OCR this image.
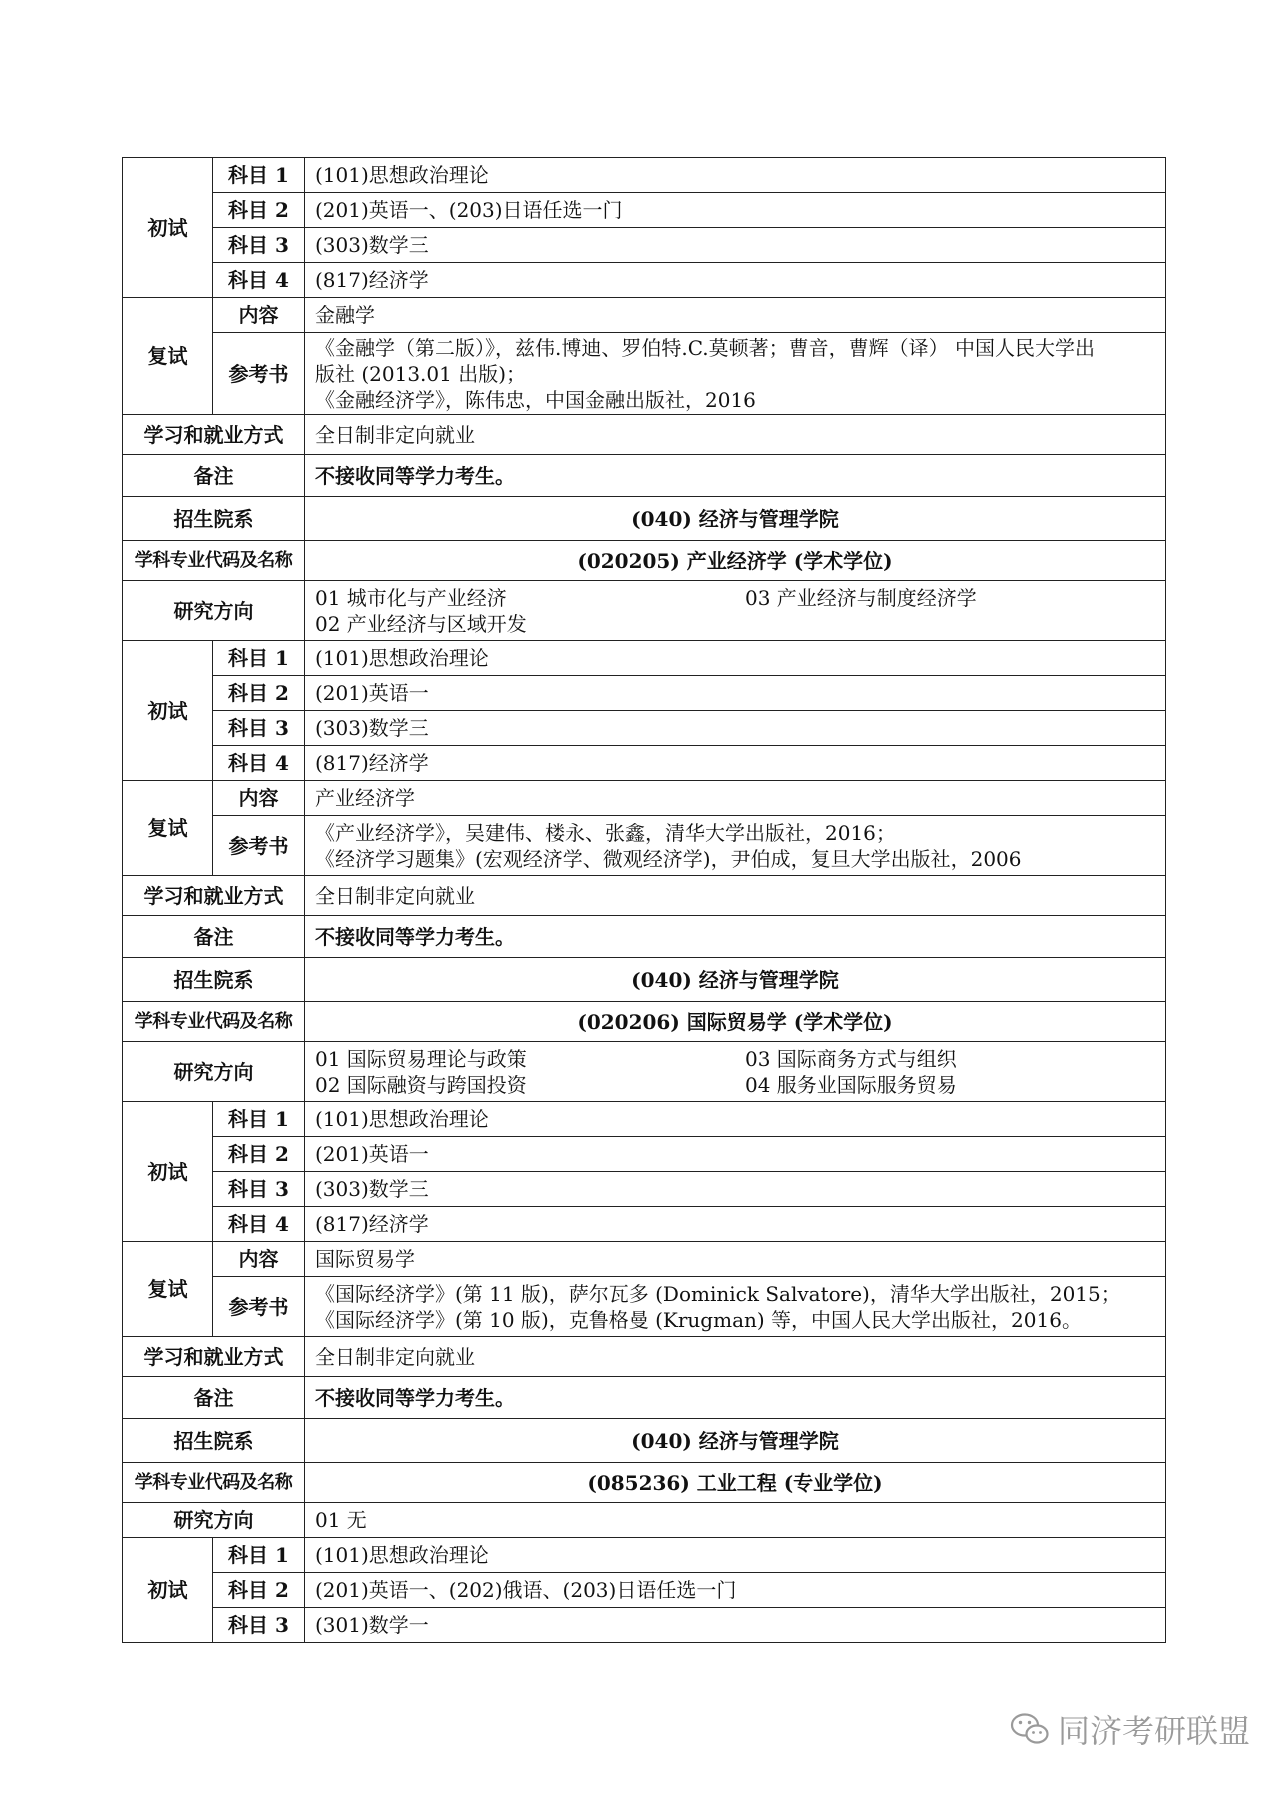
初试	科目 1	(101)思想政治理论
	科目 2	(201)英语一、(203)日语任选一门
	科目 3	(303)数学三
	科目 4	(817)经济学
复试	内容	金融学
	参考书	《金融学（第二版）》，兹伟.博迪、罗伯特.C.莫顿著；曹音，曹辉（译） 中国人民大学出
版社 (2013.01 出版)；
《金融经济学》，陈伟忠，中国金融出版社，2016

学习和就业方式		全日制非定向就业
备注		不接收同等学力考生。
招生院系		(040) 经济与管理学院
学科专业代码及名称		(020205) 产业经济学 (学术学位)
研究方向		01 城市化与产业经济 03 产业经济与制度经济学
02 产业经济与区域开发

初试	科目 1	(101)思想政治理论
	科目 2	(201)英语一
	科目 3	(303)数学三
	科目 4	(817)经济学
复试	内容	产业经济学
	参考书	《产业经济学》，吴建伟、楼永、张鑫，清华大学出版社，2016；
《经济学习题集》(宏观经济学、微观经济学)，尹伯成，复旦大学出版社，2006

学习和就业方式		全日制非定向就业
备注		不接收同等学力考生。
招生院系		(040) 经济与管理学院
学科专业代码及名称		(020206) 国际贸易学 (学术学位)
研究方向		01 国际贸易理论与政策 03 国际商务方式与组织
02 国际融资与跨国投资 04 服务业国际服务贸易

初试	科目 1	(101)思想政治理论
	科目 2	(201)英语一
	科目 3	(303)数学三
	科目 4	(817)经济学
复试	内容	国际贸易学
	参考书	《国际经济学》(第 11 版)，萨尔瓦多 (Dominick Salvatore)，清华大学出版社，2015；
《国际经济学》(第 10 版)，克鲁格曼 (Krugman) 等，中国人民大学出版社，2016。

学习和就业方式		全日制非定向就业
备注		不接收同等学力考生。
招生院系		(040) 经济与管理学院
学科专业代码及名称		(085236) 工业工程 (专业学位)
研究方向		01 无
初试	科目 1	(101)思想政治理论
	科目 2	(201)英语一、(202)俄语、(203)日语任选一门
	科目 3	(301)数学一
同济考研联盟
